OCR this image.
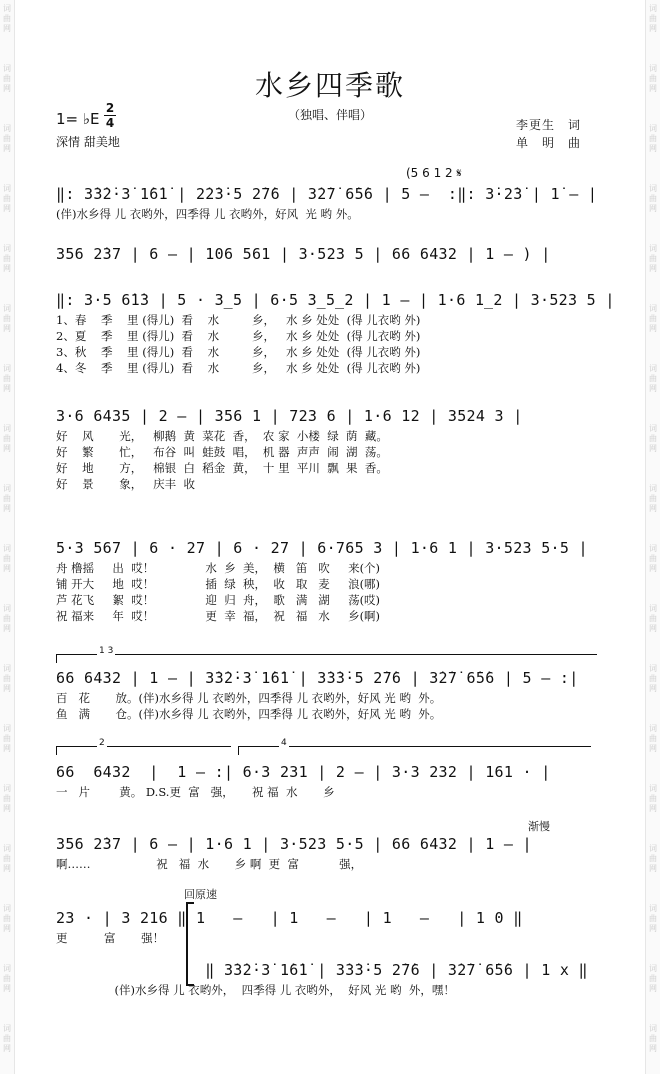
词
曲
网
词
曲
网
词
曲
网
词
曲
网
词
曲
网
词
曲
网
词
曲
网
词
曲
网
词
曲
网
词
曲
网
词
曲
网
词
曲
网
词
曲
网
词
曲
网
词
曲
网
词
曲
网
词
曲
网
词
曲
网
词
曲
网
词
曲
网
词
曲
网
词
曲
网
词
曲
网
词
曲
网
词
曲
网
词
曲
网
词
曲
网
词
曲
网
词
曲
网
词
曲
网
词
曲
网
词
曲
网
词
曲
网
词
曲
网
词
曲
网
词
曲
网
水乡四季歌
（独唱、伴唱）
1= ♭E
2
4
深情 甜美地
李更生　词
单　明　曲
(5 6 1 2 𝄋
1 3
2	4
渐慢
回原速
‖: 3̇3̇2̇·3̇ 1̇6̇1̇ | 2̇2̇3̇·5 2̇7̇6 | 3̇2̇7̇ 6̇5̇6 | 5 –  :‖: 3̇·2̇3̇ | 1̇ – |
(伴)水乡得 儿 衣哟外，四季得 儿 衣哟外，好风  光 哟 外。
356 2̇37 | 6 – | 106 561 | 3·523 5 | 66 6432 | 1 – ) |
‖: 3·5 6̇1̇3 | 5 · 3̲5 | 6·5 3̲5̲2 | 1 – | 1·6 1̲2 | 3·523 5 |
1、春    季    里 (得儿)  看    水         乡，   水 乡 处处  (得 儿衣哟 外)
2、夏    季    里 (得儿)  看    水         乡，   水 乡 处处  (得 儿衣哟 外)
3、秋    季    里 (得儿)  看    水         乡，   水 乡 处处  (得 儿衣哟 外)
4、冬    季    里 (得儿)  看    水         乡，   水 乡 处处  (得 儿衣哟 外)
3·6 6435 | 2 – | 356 1 | 723 6 | 1·6 12 | 3524 3 |
好    风       光，   柳鹅  黄  菜花  香，  农 家  小楼  绿  荫  藏。
好    繁       忙，   布谷  叫  蛙鼓  唱，  机 器  声声  闹  湖  荡。
好    地       方，   棉银  白  稻金  黄，  十 里  平川  飘  果  香。
好    景       象，   庆丰  收
5·3 567 | 6 · 27 | 6 · 27 | 6·765 3 | 1·6 1 | 3·523 5·5 |
舟 橹摇     出  哎！              水  乡  美，  横   笛   吹     来(个)
铺 开大     地  哎！              插  绿  秧，  收   取   麦     浪(哪)
芦 花飞     絮  哎！              迎  归  舟，  歌   满   湖     荡(哎)
祝 福来     年  哎！              更  幸  福，  祝   福   水     乡(啊)
66 6432 | 1 – | 3̇3̇2̇·3̇ 1̇6̇1̇ | 3̇3̇3̇·5 2̇7̇6 | 3̇2̇7̇ 6̇5̇6 | 5 – :|
百   花       放。(伴)水乡得 儿 衣哟外，四季得 儿 衣哟外，好风 光 哟  外。
鱼   满       仓。(伴)水乡得 儿 衣哟外，四季得 儿 衣哟外，好风 光 哟  外。
66  6432  |  1 – :| 6·3 231 | 2 – | 3·3 232 | 161 · |
一   片        黄。 D.S.更  富   强，     祝 福  水       乡
356 2̇37 | 6 – | 1·6 1 | 3·523 5·5 | 66 6432 | 1 – |
啊……                  祝   福  水       乡 啊  更  富           强，
23 · | 3 216 ‖ 1   –   | 1   –   | 1   –   | 1 0 ‖
更          富       强！
‖ 3̇3̇2̇·3̇ 1̇6̇1̇ | 3̇3̇3̇·5 2̇7̇6 | 3̇2̇7̇ 6̇5̇6 | 1 x ‖
(伴)水乡得 儿 衣哟外，  四季得 儿 衣哟外，  好风 光 哟  外，嘿！
